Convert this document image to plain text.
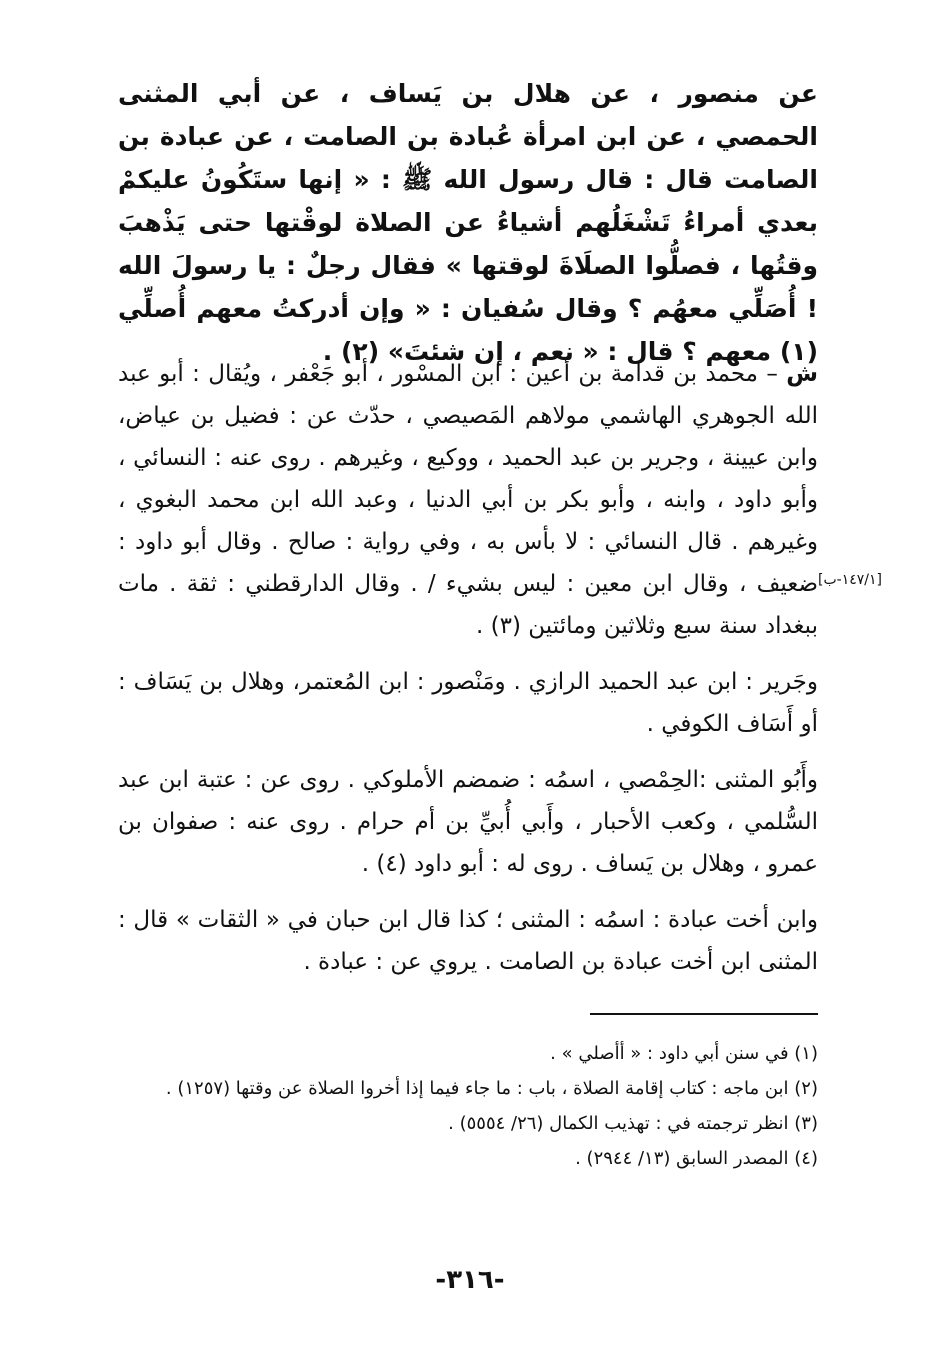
عن منصور ، عن هلال بن يَساف ، عن أبي المثنى الحمصي ، عن ابن امرأة عُبادة بن الصامت ، عن عبادة بن الصامت قال : قال رسول الله ﷺ : « إنها ستَكُونُ عليكمْ بعدي أمراءُ تَشْغَلُهم أشياءُ عن الصلاة لوقْتها حتى يَذْهبَ وقتُها ، فصلُّوا الصلَاةَ لوقتها » فقال رجلٌ : يا رسولَ الله ! أُصَلِّي معهُم ؟ وقال سُفيان : « وإن أدركتُ معهم أُصلِّي (١) معهم ؟ قال : « نعم ، إن شئتَ» (٢) .

ش – محمد بن قدامة بن أعين : ابن المسْور ، أبو جَعْفر ، ويُقال : أبو عبد الله الجوهري الهاشمي مولاهم المَصيصي ، حدّث عن : فضيل بن عياض، وابن عيينة ، وجرير بن عبد الحميد ، ووكيع ، وغيرهم . روى عنه : النسائي ، وأبو داود ، وابنه ، وأبو بكر بن أبي الدنيا ، وعبد الله ابن محمد البغوي ، وغيرهم . قال النسائي : لا بأس به ، وفي رواية : صالح . وقال أبو داود : ضعيف ، وقال ابن معين : ليس بشيء / . وقال الدارقطني : ثقة . مات ببغداد سنة سبع وثلاثين ومائتين (٣) .

وجَرير : ابن عبد الحميد الرازي . ومَنْصور : ابن المُعتمر، وهلال بن يَسَاف : أو أَسَاف الكوفي .

وأَبُو المثنى :الحِمْصي ، اسمُه : ضمضم الأملوكي . روى عن : عتبة ابن عبد السُّلمي ، وكعب الأحبار ، وأَبي أُبيِّ بن أم حرام . روى عنه : صفوان بن عمرو ، وهلال بن يَساف . روى له : أبو داود (٤) .

وابن أخت عبادة : اسمُه : المثنى ؛ كذا قال ابن حبان في « الثقات » قال : المثنى ابن أخت عبادة بن الصامت . يروي عن : عبادة .

[١٤٧/١-ب]

(١) في سنن أبي داود : « أأصلي » .

(٢) ابن ماجه : كتاب إقامة الصلاة ، باب : ما جاء فيما إذا أخروا الصلاة عن وقتها (١٢٥٧) .

(٣) انظر ترجمته في : تهذيب الكمال (٢٦/ ٥٥٥٤) .

(٤) المصدر السابق (١٣/ ٢٩٤٤) .

-٣١٦-
